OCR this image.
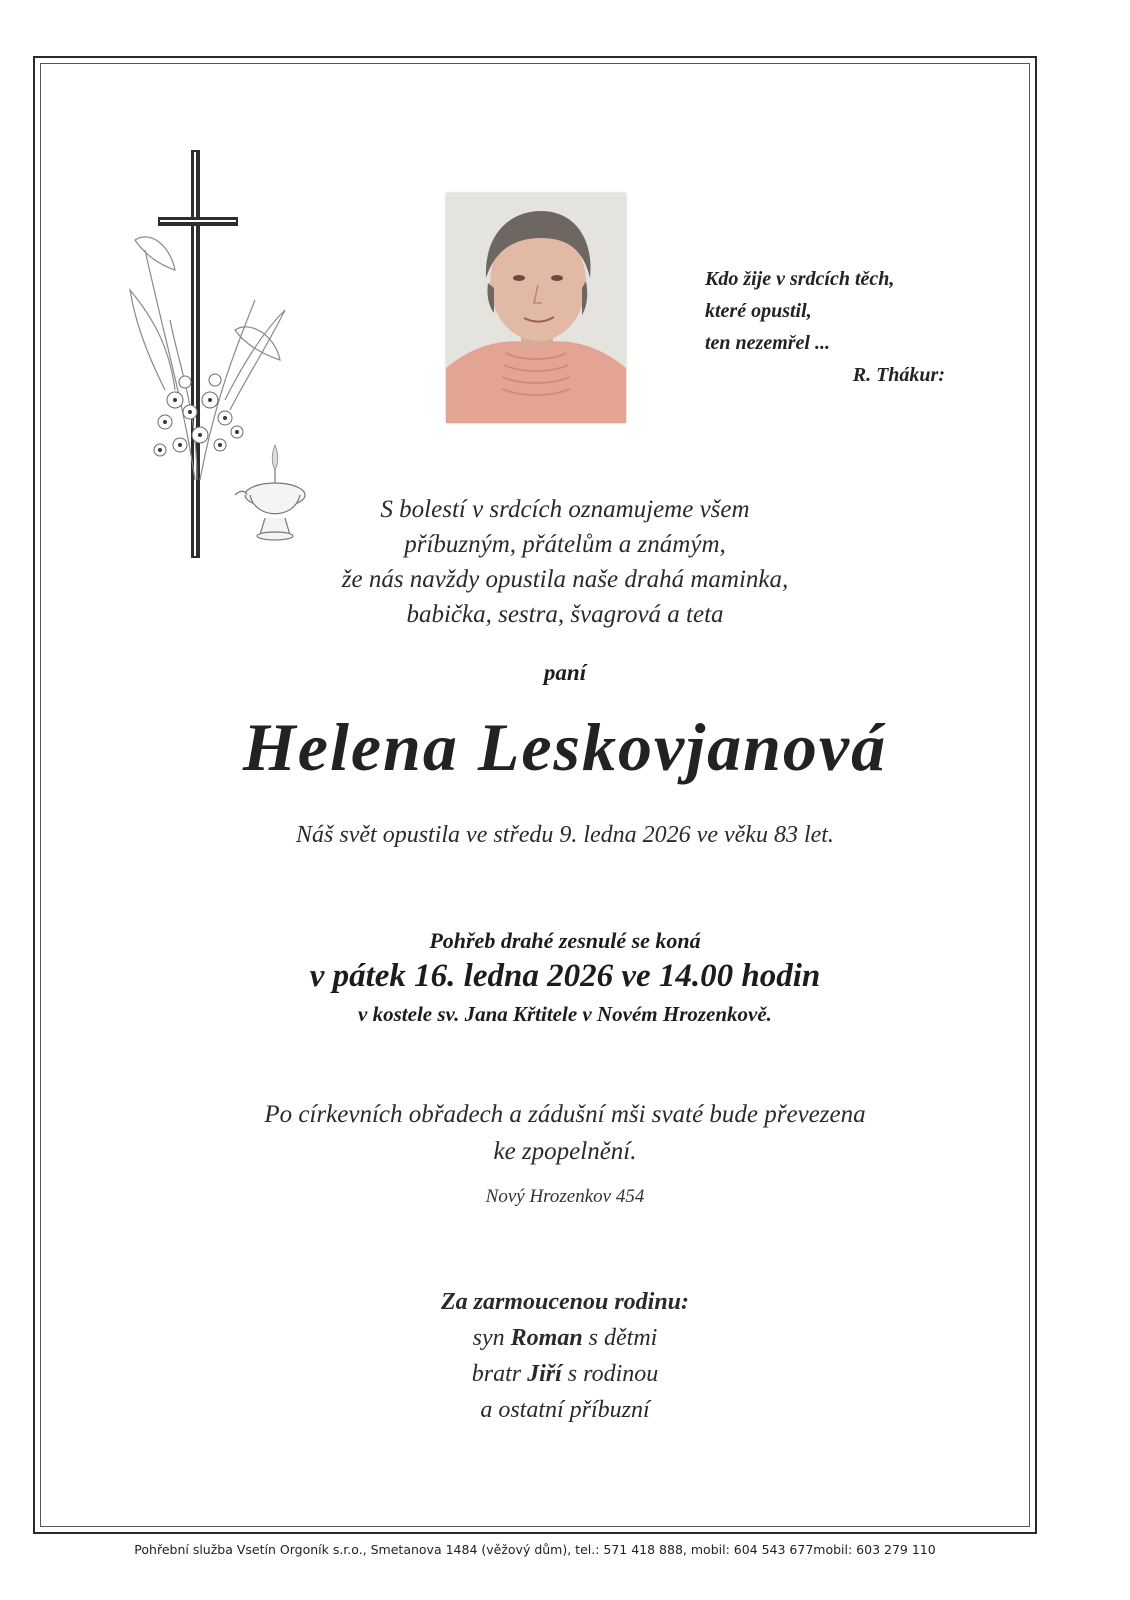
Kdo žije v srdcích těch,
které opustil,
ten nezemřel ...
R. Thákur:
S bolestí v srdcích oznamujeme všem
příbuzným, přátelům a známým,
že nás navždy opustila naše drahá maminka,
babička, sestra, švagrová a teta
paní
Helena Leskovjanová
Náš svět opustila ve středu 9. ledna 2026 ve věku 83 let.
Pohřeb drahé zesnulé se koná
v pátek 16. ledna 2026 ve 14.00 hodin
v kostele sv. Jana Křtitele v Novém Hrozenkově.
Po církevních obřadech a zádušní mši svaté bude převezena
ke zpopelnění.
Nový Hrozenkov 454
Za zarmoucenou rodinu:
syn Roman s dětmi
bratr Jiří s rodinou
a ostatní příbuzní
Pohřební služba Vsetín Orgoník s.r.o., Smetanova 1484 (věžový dům), tel.: 571 418 888, mobil: 604 543 677mobil: 603 279 110
